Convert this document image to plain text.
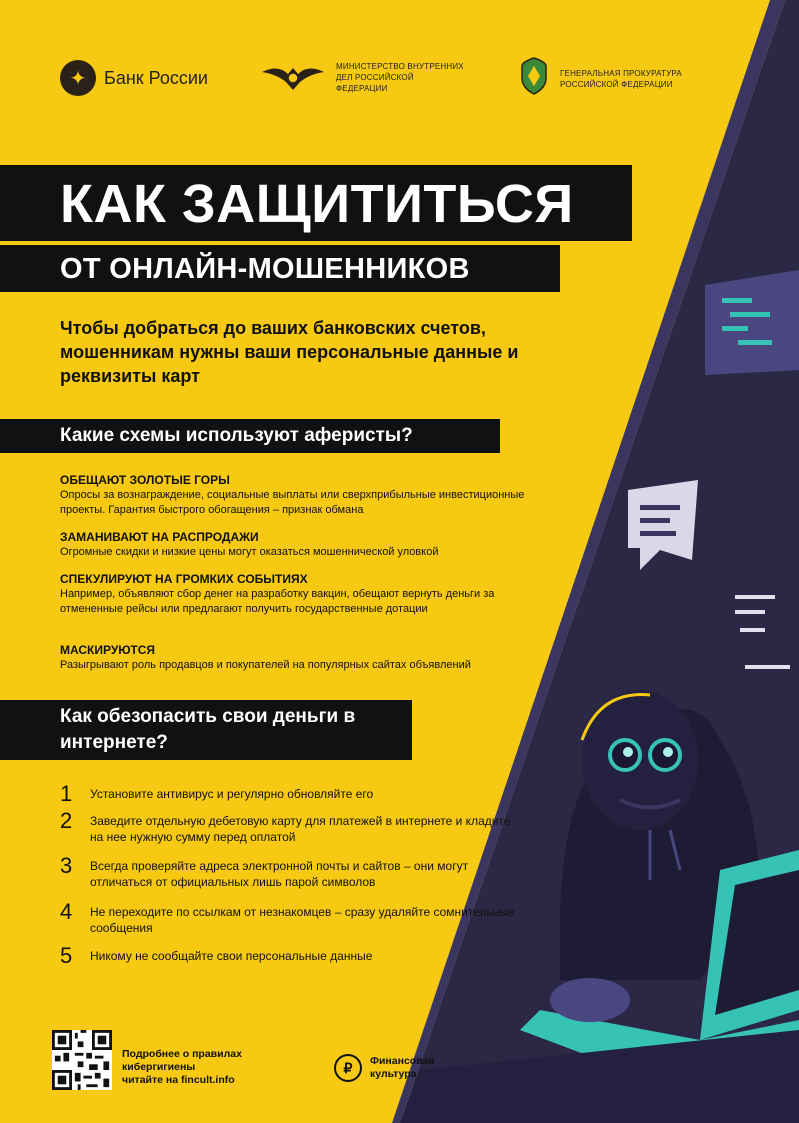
✦ Банк России
МИНИСТЕРСТВО ВНУТРЕННИХ ДЕЛ РОССИЙСКОЙ ФЕДЕРАЦИИ
ГЕНЕРАЛЬНАЯ ПРОКУРАТУРА РОССИЙСКОЙ ФЕДЕРАЦИИ
КАК ЗАЩИТИТЬСЯ
ОТ ОНЛАЙН-МОШЕННИКОВ
Чтобы добраться до ваших банковских счетов, мошенникам нужны ваши персональные данные и реквизиты карт
Какие схемы используют аферисты?
ОБЕЩАЮТ ЗОЛОТЫЕ ГОРЫ
Опросы за вознаграждение, социальные выплаты или сверхприбыльные инвестиционные проекты. Гарантия быстрого обогащения – признак обмана
ЗАМАНИВАЮТ НА РАСПРОДАЖИ
Огромные скидки и низкие цены могут оказаться мошеннической уловкой
СПЕКУЛИРУЮТ НА ГРОМКИХ СОБЫТИЯХ
Например, объявляют сбор денег на разработку вакцин, обещают вернуть деньги за отмененные рейсы или предлагают получить государственные дотации
МАСКИРУЮТСЯ
Разыгрывают роль продавцов и покупателей на популярных сайтах объявлений
Как обезопасить свои деньги в интернете?
1	Установите антивирус и регулярно обновляйте его
2	Заведите отдельную дебетовую карту для платежей в интернете и кладите на нее нужную сумму перед оплатой
3	Всегда проверяйте адреса электронной почты и сайтов – они могут отличаться от официальных лишь парой символов
4	Не переходите по ссылкам от незнакомцев – сразу удаляйте сомнительные сообщения
5	Никому не сообщайте свои персональные данные
Подробнее о правилах
кибергигиены
читайте на fincult.info
₽	Финансовая культура
